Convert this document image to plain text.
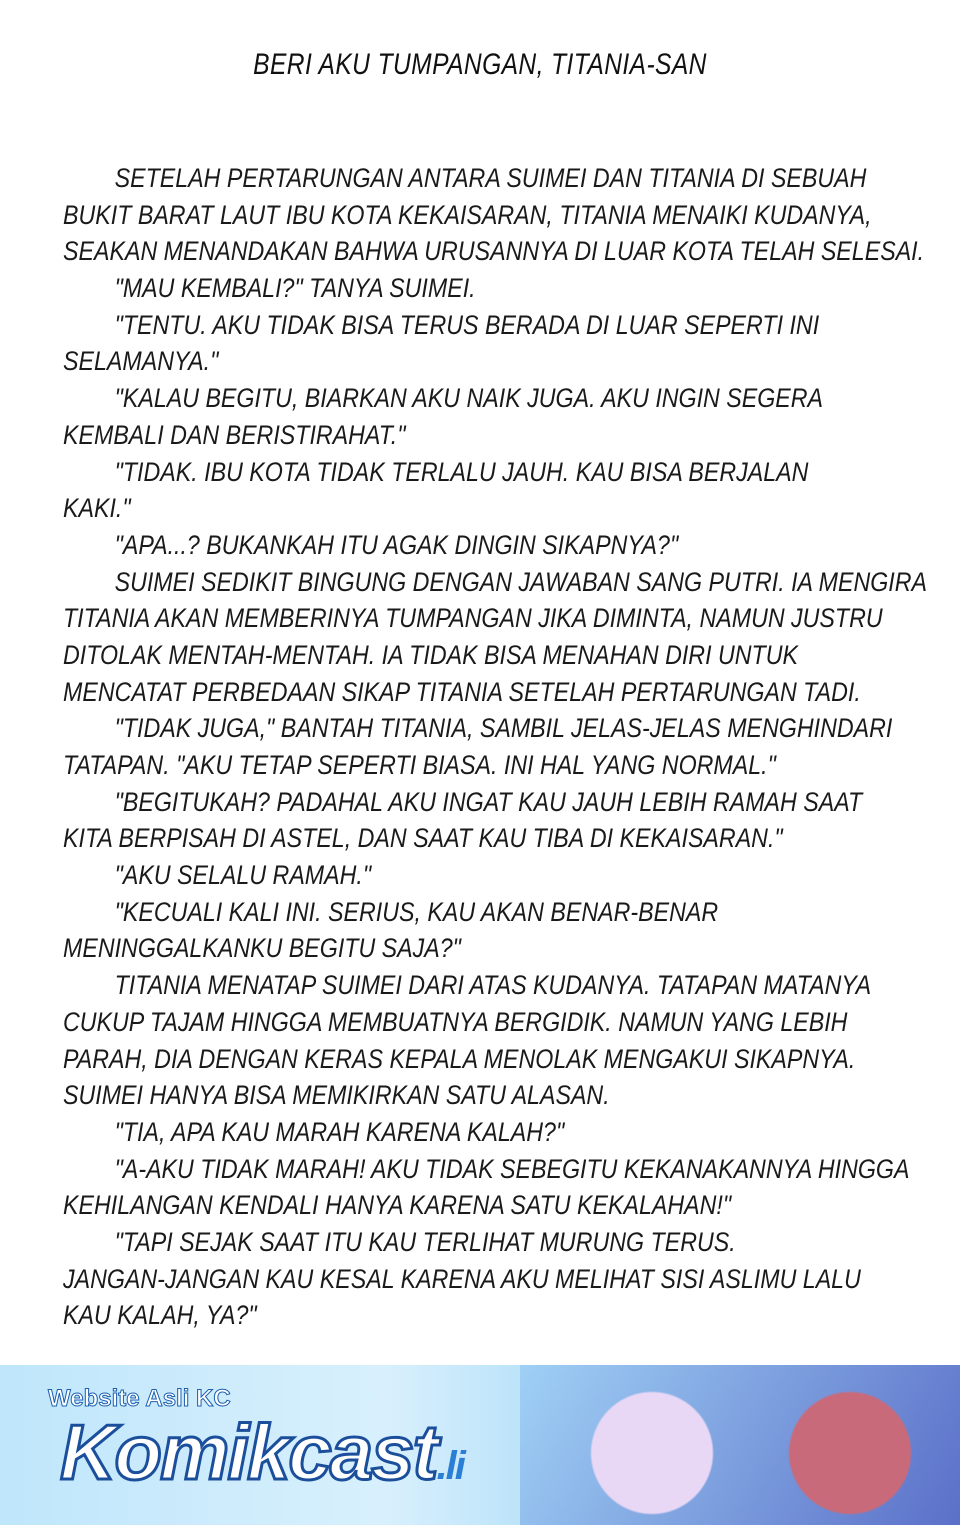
BERI AKU TUMPANGAN, TITANIA-SAN
SETELAH PERTARUNGAN ANTARA SUIMEI DAN TITANIA DI SEBUAH
BUKIT BARAT LAUT IBU KOTA KEKAISARAN, TITANIA MENAIKI KUDANYA,
SEAKAN MENANDAKAN BAHWA URUSANNYA DI LUAR KOTA TELAH SELESAI.
"MAU KEMBALI?" TANYA SUIMEI.
"TENTU. AKU TIDAK BISA TERUS BERADA DI LUAR SEPERTI INI
SELAMANYA."
"KALAU BEGITU, BIARKAN AKU NAIK JUGA. AKU INGIN SEGERA
KEMBALI DAN BERISTIRAHAT."
"TIDAK. IBU KOTA TIDAK TERLALU JAUH. KAU BISA BERJALAN
KAKI."
"APA...? BUKANKAH ITU AGAK DINGIN SIKAPNYA?"
SUIMEI SEDIKIT BINGUNG DENGAN JAWABAN SANG PUTRI. IA MENGIRA
TITANIA AKAN MEMBERINYA TUMPANGAN JIKA DIMINTA, NAMUN JUSTRU
DITOLAK MENTAH-MENTAH. IA TIDAK BISA MENAHAN DIRI UNTUK
MENCATAT PERBEDAAN SIKAP TITANIA SETELAH PERTARUNGAN TADI.
"TIDAK JUGA," BANTAH TITANIA, SAMBIL JELAS-JELAS MENGHINDARI
TATAPAN. "AKU TETAP SEPERTI BIASA. INI HAL YANG NORMAL."
"BEGITUKAH? PADAHAL AKU INGAT KAU JAUH LEBIH RAMAH SAAT
KITA BERPISAH DI ASTEL, DAN SAAT KAU TIBA DI KEKAISARAN."
"AKU SELALU RAMAH."
"KECUALI KALI INI. SERIUS, KAU AKAN BENAR-BENAR
MENINGGALKANKU BEGITU SAJA?"
TITANIA MENATAP SUIMEI DARI ATAS KUDANYA. TATAPAN MATANYA
CUKUP TAJAM HINGGA MEMBUATNYA BERGIDIK. NAMUN YANG LEBIH
PARAH, DIA DENGAN KERAS KEPALA MENOLAK MENGAKUI SIKAPNYA.
SUIMEI HANYA BISA MEMIKIRKAN SATU ALASAN.
"TIA, APA KAU MARAH KARENA KALAH?"
"A-AKU TIDAK MARAH! AKU TIDAK SEBEGITU KEKANAKANNYA HINGGA
KEHILANGAN KENDALI HANYA KARENA SATU KEKALAHAN!"
"TAPI SEJAK SAAT ITU KAU TERLIHAT MURUNG TERUS.
JANGAN-JANGAN KAU KESAL KARENA AKU MELIHAT SISI ASLIMU LALU
KAU KALAH, YA?"
Website Asli KC
Komikcast.li
